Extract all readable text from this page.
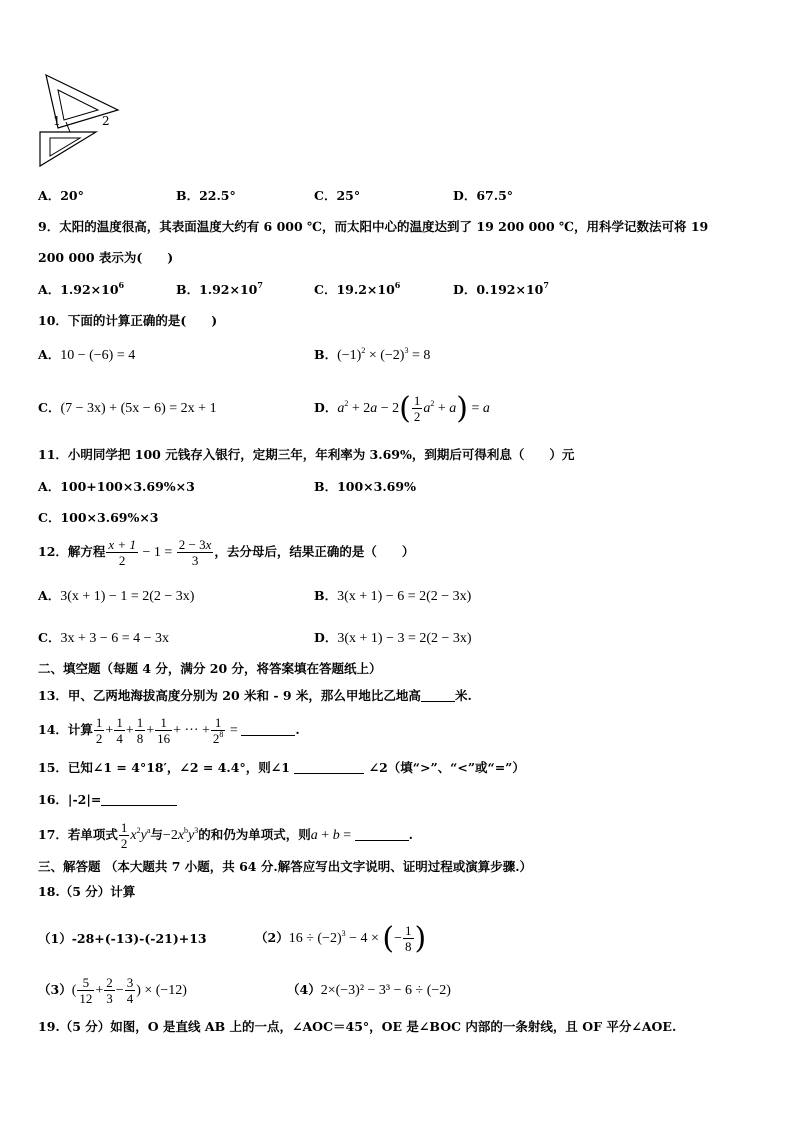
1	2
A．20°	B．22.5°	C．25°	D．67.5°
9．太阳的温度很高，其表面温度大约有 6 000 ℃，而太阳中心的温度达到了 19 200 000 ℃，用科学记数法可将 19
200 000 表示为(　　)
A．$1.92\times 10^6$	B．$1.92\times 10^7$	C．$19.2\times 10^6$	D．$0.192\times 10^7$
10．下面的计算正确的是(　　)
A．10 − (−6) = 4	B．$(-1)^2 \times (-2)^3 = 8$
C．(7 − 3x) + (5x − 6) = 2x + 1	D．$a^2 + 2a - 2( \frac{1}{2} a^2 + a) = a$
11．小明同学把 100 元钱存入银行，定期三年，年利率为 3.69%，到期后可得利息（　　）元
A．100+100×3.69%×3	B．100×3.69%
C．100×3.69%×3
12．解方程 $\frac{x + 1}{2} - 1 = \frac{2 - 3x}{3}$ ，去分母后，结果正确的是（　　）
A．3(x + 1) − 1 = 2(2 − 3x)	B．3(x + 1) − 6 = 2(2 − 3x)
C．3x + 3 − 6 = 4 − 3x	D．3(x + 1) − 3 = 2(2 − 3x)
二、填空题（每题 4 分，满分 20 分，将答案填在答题纸上）
13．甲、乙两地海拔高度分别为 20 米和 - 9 米，那么甲地比乙地高	米.
14．计算 $\frac{1}{2} + \frac{1}{4} + \frac{1}{8} + \frac{1}{16}$ + ··· + $\frac{1}{2^8}$ =	.
15．已知∠1 = 4°18′，∠2 = 4.4°，则∠1	∠2（填“>”、“<”或“=”）
16．|-2|=
17．若单项式 $\frac{1}{2} x^2y^a$与$-2x^by^3$的和仍为单项式，则a + b =	.
三、解答题 （本大题共 7 小题，共 64 分.解答应写出文字说明、证明过程或演算步骤.）
18.（5 分）计算
（1）-28+(-13)-(-21)+13	$(2)16 \div (-2)^3 - 4$ × (− $\frac{1}{8}$ )
$(3)( \frac{5}{12} + \frac{2}{3} - \frac{3}{4}$ ) × (−12)	（4）2×(−3)² − 3³ − 6 ÷ (−2)
19.（5 分）如图，O 是直线 AB 上的一点，∠AOC＝45°，OE 是∠BOC 内部的一条射线，且 OF 平分∠AOE.
